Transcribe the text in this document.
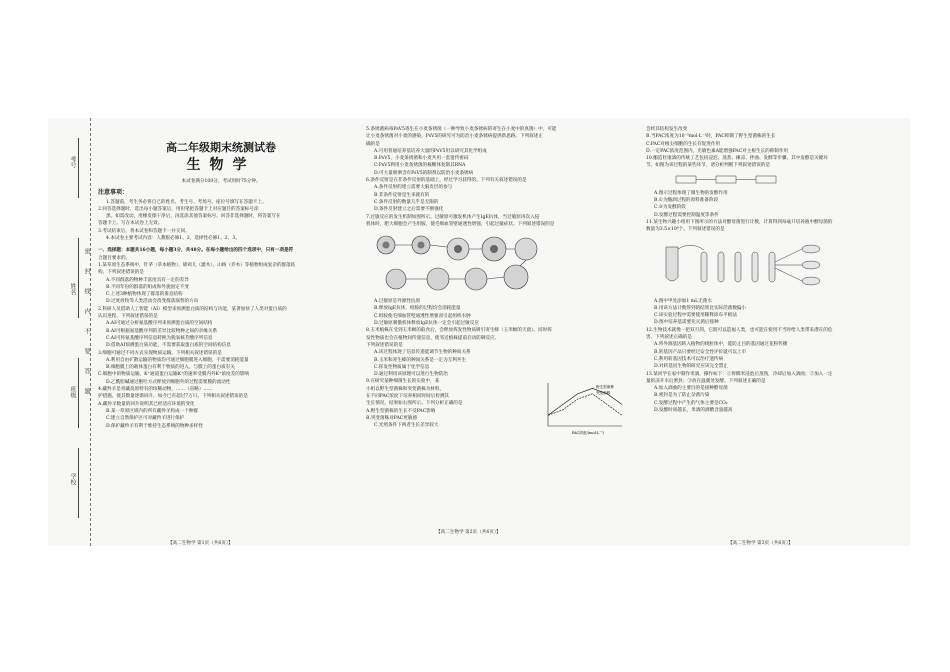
考号
姓名
班级
学校
密封线内不要答题
高二年级期末统测试卷
生物学
本试卷满分100分，考试用时75分钟。
注意事项：
1.答题前，考生务必将自己的姓名、考生号、考场号、座位号填写在答题卡上。
2.回答选择题时，选出每小题答案后，用铅笔把答题卡上对应题目的答案标号涂
黑。如需改动，用橡皮擦干净后，再选涂其他答案标号。回答非选择题时，将答案写在
答题卡上。写在本试卷上无效。
3.考试结束后，将本试卷和答题卡一并交回。
4.本试卷主要考试内容：人教版必修1、2，选择性必修1、2、3。
一、选择题：本题共16小题，每小题3分，共48分。在每小题给出的四个选项中，只有一项是符
合题目要求的。
1.某草原生态系统中，针茅（草本植物）、锦鸡儿（灌木）、山杨（乔木）等植物组成复杂的群落结
构。下列叙述错误的是
A.不同群落的物种丰富度具有一定的差异
B.不同年份的群落的组成和外貌固定不变
C.上述3种植物体现了群落的垂直结构
D.过度放牧等人类活动会改变群落演替的方向
2.科研人员借助人工智能（AI）模型来预测蛋白质的结构与功能，某著加快了人类对蛋白质的
认识进程。下列叙述错误的是
A.AI可通过分析氨基酸序列来预测蛋白质的空间结构
B.AI可根据氨基酸序列的差异比较物种之间的亲缘关系
C.AI可将氨基酸序列信息转换为脱氧核苷酸序列信息
D.借助AI预测蛋白质功能，不需要获取蛋白质的空间结构信息
3.细胞可通过不同方式实现物质运输。下列相关叙述错误的是
A.利用自由扩散运输的物质均可通过细胞膜进入细胞，不需要消耗能量
B.细胞膜上的载体蛋白有利于物质的进入，与膜上的蛋白质有关
C.细胞中的物质运输，K⁺通道蛋白运输K⁺的速率受膜内外K⁺浓度差的影响
D.乙酰胆碱通过胞吐方式释放到细胞外的过程需要膜的流动性
4.藏羚羊是青藏高原特有的珍稀动物，……（省略）……
护措施，使其数量逐渐回升，如今已有超过7万只。下列相关叙述错误的是
A.藏羚羊数量的回升说明其已经适应环境的变化
B.某一草原区域内的所有藏羚羊构成一个种群
C.建立自然保护区可对藏羚羊进行保护
D.保护藏羚羊有利于维持生态系统的物种多样性
5.条锈菌病毒PsV5寄生在小麦条锈菌（一种导致小麦条锈病的寄生在小麦中的真菌）中，可能
让小麦条锈菌对小麦的感染。PsV5的研究可为防治小麦条锈病提供新思路。下列叙述正
确的是
A.可用普通培养基培养大量的PsV5用以研究其化学组成
B.PsV5、小麦条锈菌和小麦共用一套遗传密码
C.PsV5利用小麦条锈菌的核糖体复制其RNA
D.可大量喷洒含有PsV5的制剂以防治小麦条锈病
6.条件反射是在非条件反射的基础上，经过学习获得的。下列有关叙述错误的是
A.条件反射的建立需要大脑皮层的参与
B.非条件反射是生来就有的
C.条件反射的数量几乎是无限的
D.条件反射建立之后需要不断强化
7.过敏反应的发生机制如图所示。过敏原可激发机体产生IgE抗体，当过敏原再次入侵
机体时，肥大细胞会产生组胺，使毛细血管壁通透性增强，引起过敏症状。下列叙述错误的是
A.过敏原是外源性抗原
B.释放IgE抗体，组胺的过程均会消耗能量
C.组胺使毛细血管壁通透性增强而引起组织水肿
D.过敏原刺激机体释放IgE抗体一定会引起过敏反应
8.玉米植株在受到玉米螟的取食后，会释放挥发性物质吸引寄生蜂（玉米螟的天敌）。同时挥
发性物质也会在植物间传递信息，使邻近植株提前启动防御反应。
下列叙述错误的是
A.该过程体现了信息传递能调节生物的种间关系
B.玉米和寄生蜂的种间关系是一定为互利共生
C.挥发性物质属于化学信息
D.通过利用该原理可以进行生物防治
9.在研究某种细菌生长的实验中，某
小组以野生型菌株和突变菌株为材料，
在不同PAC浓度下培养相同时间后检测其
生长情况，结果如右图所示。下列分析正确的是
A.野生型菌株的生长不受PAC影响
B.突变菌株对PAC更敏感
C.光照条件下两者生长差异较大
野生型菌株
突变菌株
PAC浓度/(mol·L⁻¹)
【高二生物学 第2页（共6页）】
会经其结构发生改变
B.当PAC浓度为10⁻⁵mol·L⁻¹时，PAC抑制了野生型菌株的生长
C.PAC对根尖细胞的生长有促进作用
D.一定PAC浓度范围内，光敏色素A能增强PAC对主根生长的抑制作用
10.酿造杜康酒的传统工艺包括浸泡、蒸煮、摊凉、拌曲、发酵等步骤，其中发酵是关键环
节。如图为该过程的某些环节，请分析判断下列叙述错误的是
A.图示过程体现了微生物的发酵作用
B.①为酿酒过程的原料准备阶段
C.③为发酵阶段
D.发酵过程需要控制温度等条件
11.某生物兴趣小组用下图所示的方法对酵母菌进行计数，计算得到每毫升培养液中酵母菌的
数量为3.5×10⁸个。下列叙述错误的是
A.图中甲处添加1 mL无菌水
B.用该方法计数得到的结果比实际活菌数偏小
C.该实验过程中需要使用稀释涂布平板法
D.图中培养基需要先灭菌后接种
12.生物技术就像一把双刃剑，它既可以造福人类，也可能在使用不当时给人类带来潜在的危
害。下列叙述正确的是
A.将外源基因转入植物的线粒体中，能防止目的基因通过花粉传播
B.转基因产品只要经过安全性评价就可以上市
C.利用转基因技术可以治疗遗传病
D.对转基因生物的研究应该完全禁止
13.某同学在家中制作米酒，操作如下：①将糯米浸泡后蒸熟，冷却后加入酒曲；②加入一定
量的凉开水后密封；③放在温暖处发酵。下列叙述正确的是
A.加入酒曲的主要目的是接种酵母菌
B.密封是为了防止杂菌污染
C.发酵过程中产生的气体主要是CO₂
D.发酵时间越长，米酒的酒精含量越高
【高二生物学 第1页（共6页）】	【高二生物学 第3页（共6页）】
